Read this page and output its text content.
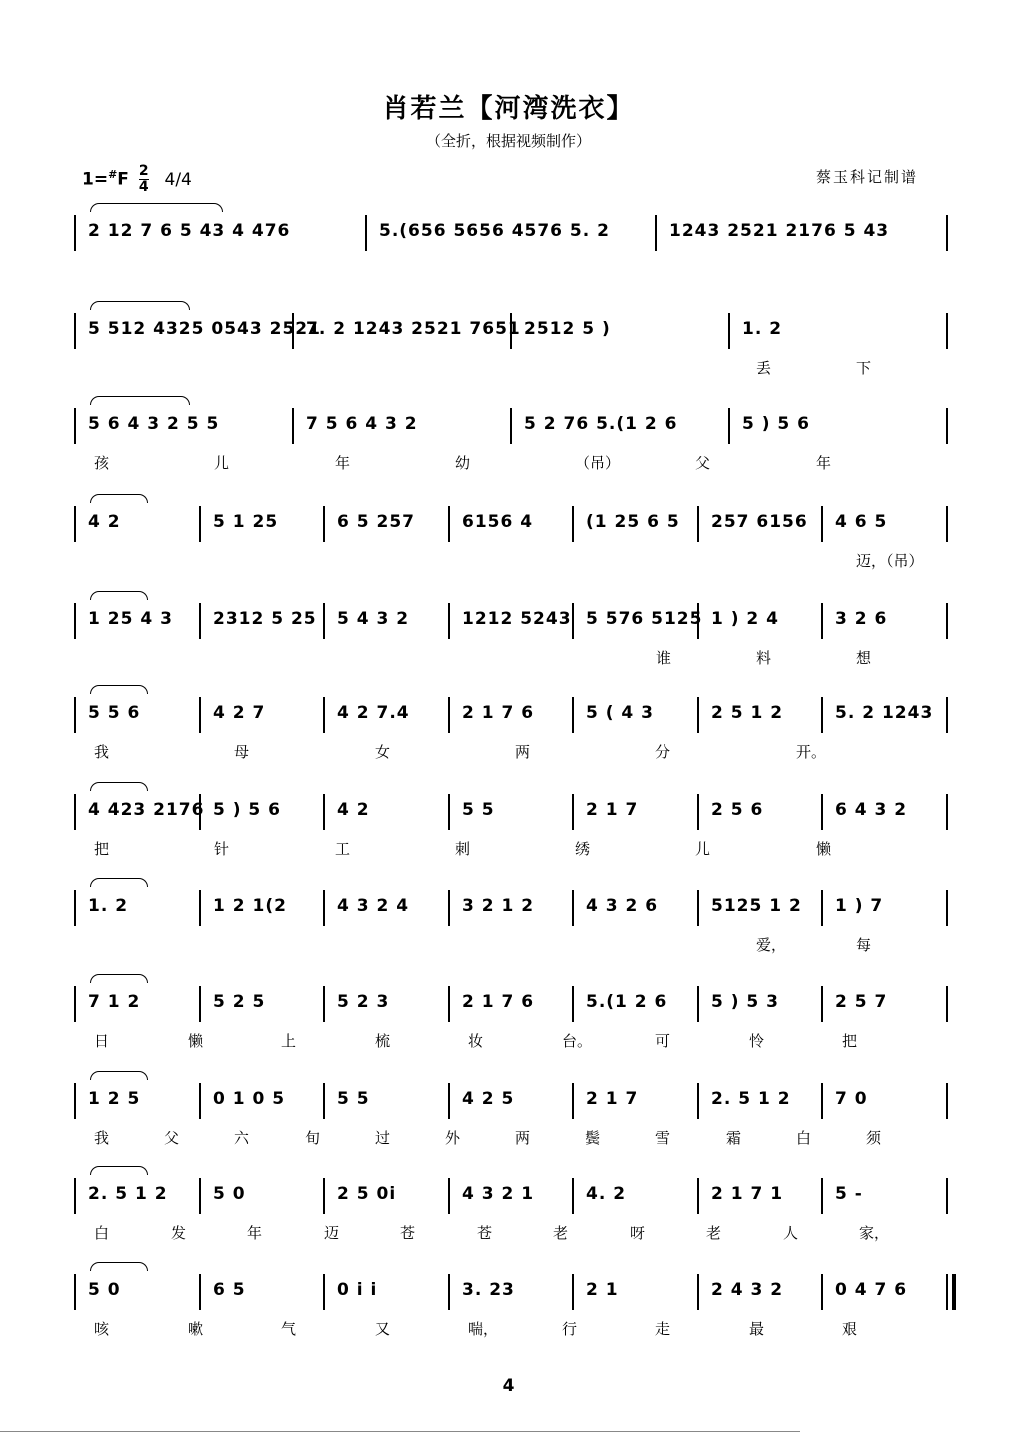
肖若兰【河湾洗衣】
（全折，根据视频制作）
$1=^{\#}F \frac{2}{4} 4/4$	蔡玉科记制谱
2 12 7 6 5 43 4 476	5.(656 5656 4576 5. 2	1243 2521 2176 5 43
5 512 4325 0543 2521
7. 2 1243 2521 7651 2512 5 )	1. 2
丢	下
5 6 4 3 2 5 5	7 5 6 4 3 2	5 2 76 5.(1 2 6	5 ) 5 6
孩	儿	年	幼	（吊）	父	年
4 2	5 1 25	6 5 257	6156 4	(1 25 6 5	257 6156	4 6 5
迈，（吊）
1 25 4 3	2312 5 25 5 4 3 2	1212 5243 5 576 5125 1 ) 2 4	3 2 6
谁	料	想
5 5 6	4 2 7	4 2 7.4	2 1 7 6	5 ( 4 3	2 5 1 2	5. 2 1243
我	母	女	两	分	开。
4 423 2176 5 ) 5 6	4 2	5 5	2 1 7	2 5 6	6 4 3 2
把	针	工	刺	绣	儿	懒
1. 2	1 2 1(2	4 3 2 4	3 2 1 2	4 3 2 6	5125 1 2	1 ) 7
爱，	每
7 1 2	5 2 5	5 2 3	2 1 7 6	5.(1 2 6	5 ) 5 3	2 5 7
日	懒	上	梳	妆	台。	可	怜	把
1 2 5	0 1 0 5	5 5	4 2 5	2 1 7	2. 5 1 2	7 0
我	父	六	旬	过	外	两	鬓	雪	霜	白	须
2. 5 1 2	5 0	2 5 0i	4 3 2 1	4. 2	2 1 7 1	5 -
白	发	年	迈	苍	苍	老	呀	老	人	家，
5 0	6 5	0 i i	3. 23	2 1	2 4 3 2	0 4 7 6
咳	嗽	气	又	喘，	行	走	最	艰
4
